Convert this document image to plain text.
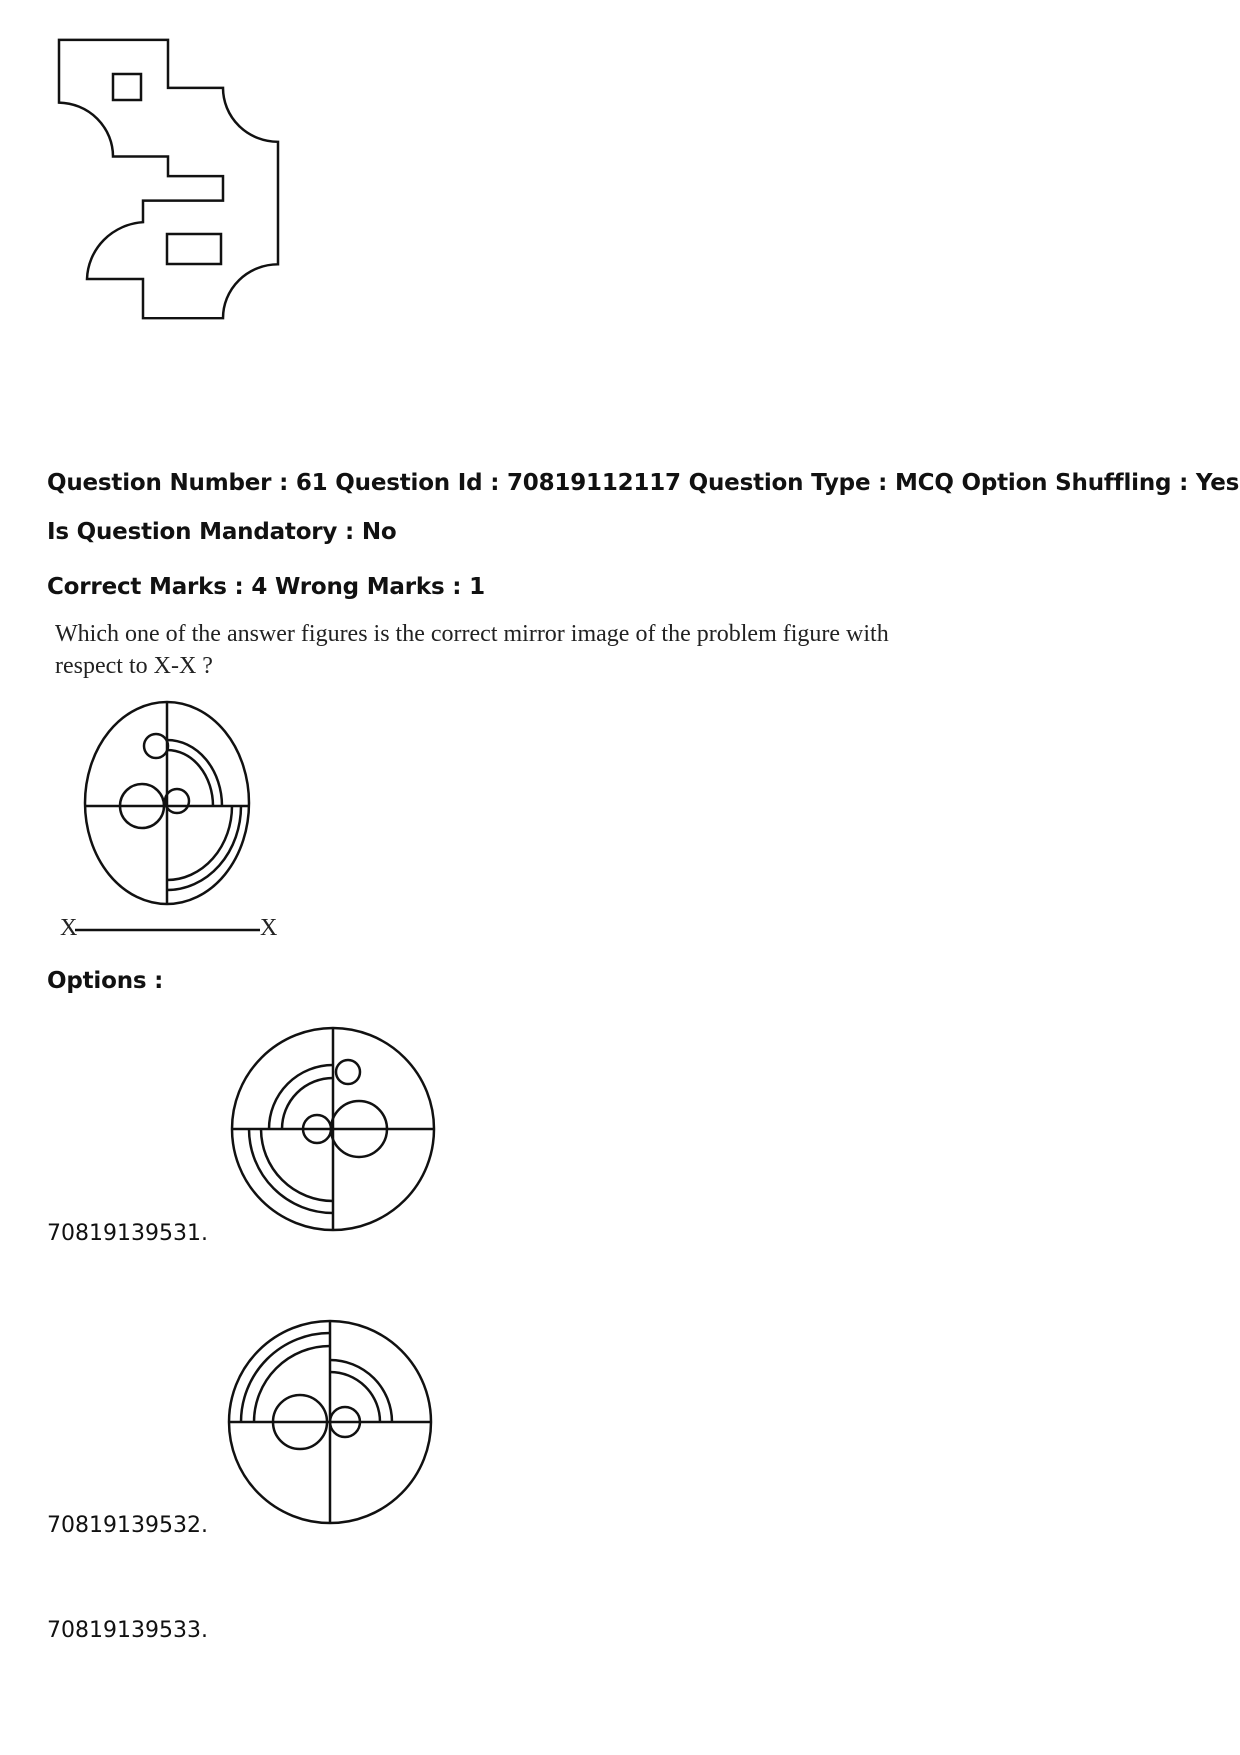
Question Number : 61 Question Id : 70819112117 Question Type : MCQ Option Shuffling : Yes
Is Question Mandatory : No
Correct Marks : 4 Wrong Marks : 1
Which one of the answer figures is the correct mirror image of the problem figure with respect to X-X ?
X	X
Options :
70819139531.
70819139532.
70819139533.
